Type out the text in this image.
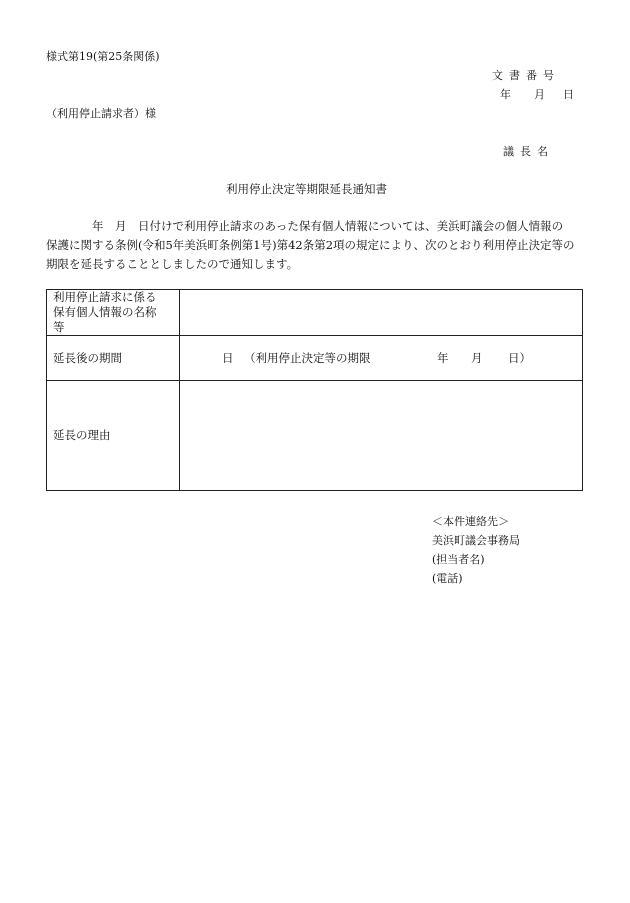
様式第19(第25条関係)
文書番号
年 月 日
（利用停止請求者）様
議長名
利用停止決定等期限延長通知書
　　　　年　月　日付けで利用停止請求のあった保有個人情報については、美浜町議会の個人情報の
保護に関する条例(令和5年美浜町条例第1号)第42条第2項の規定により、次のとおり利用停止決定等の
期限を延長することとしましたので通知します。
利用停止請求に係る
保有個人情報の名称
等	

延長後の期間	日 （利用停止決定等の期限 年 月 日）

延長の理由	
＜本件連絡先＞
美浜町議会事務局
(担当者名)
(電話)
